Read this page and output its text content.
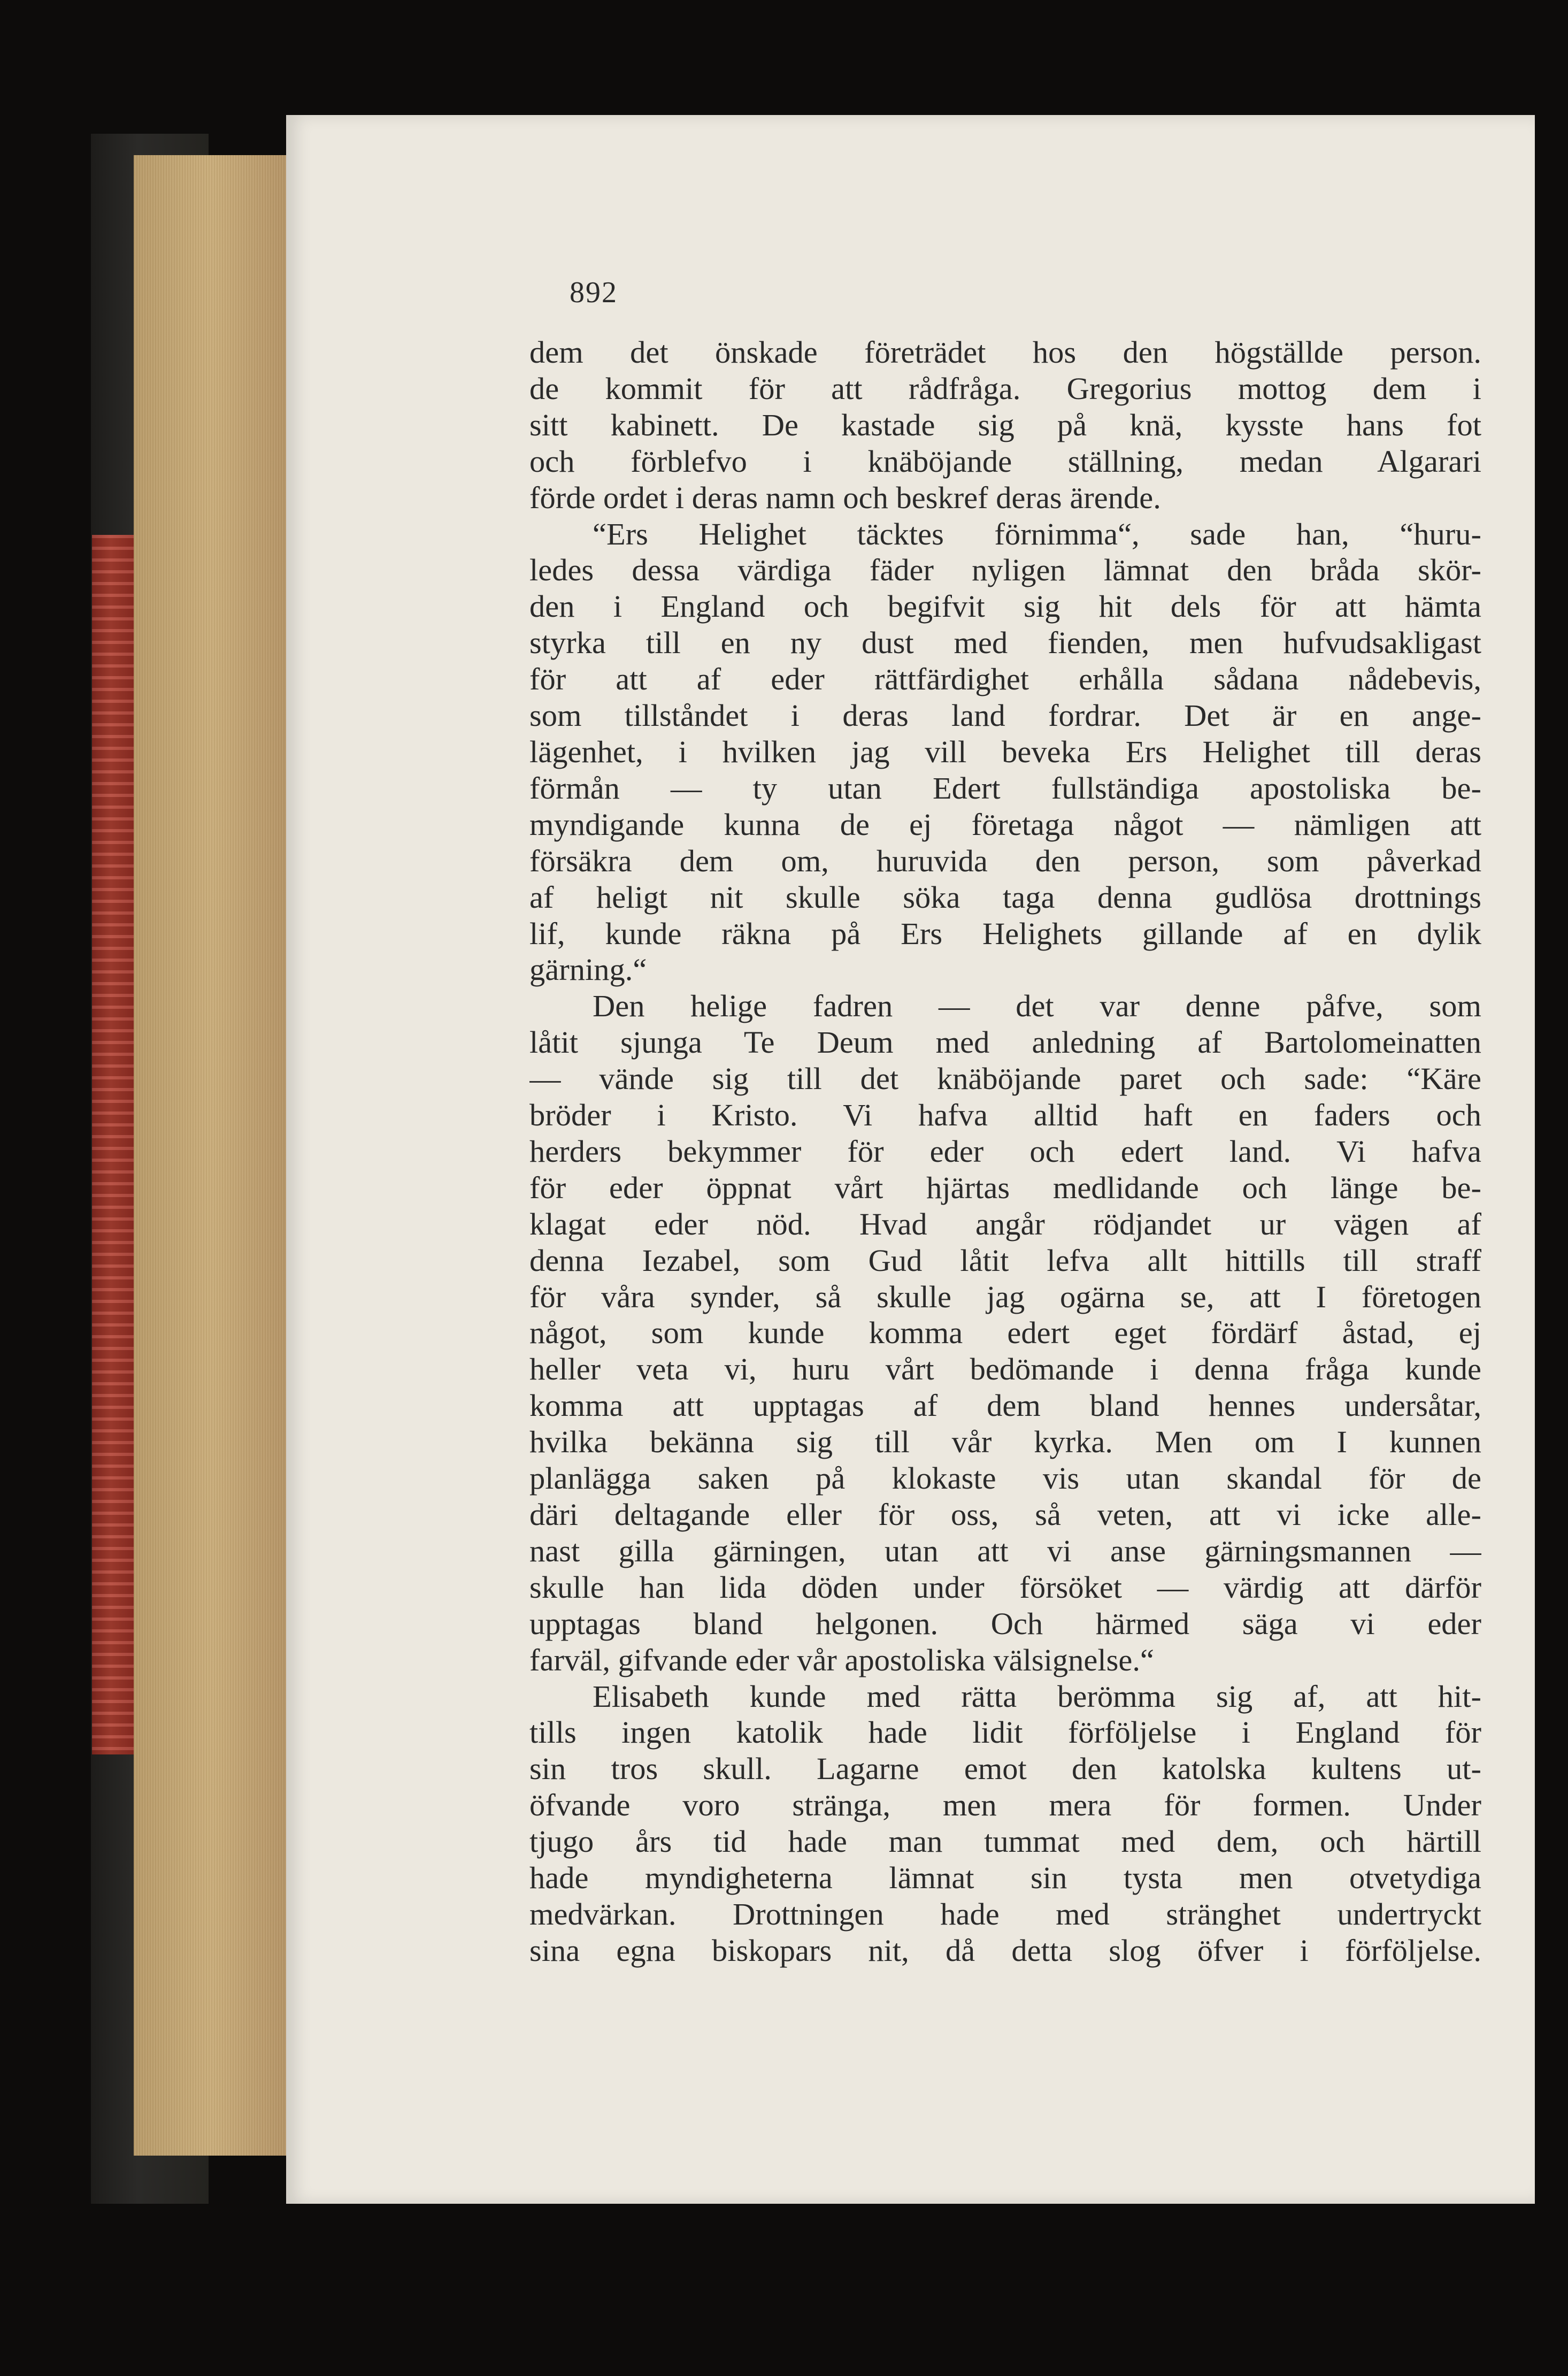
892
dem det önskade företrädet hos den högställde person.
de kommit för att rådfråga. Gregorius mottog dem i
sitt kabinett. De kastade sig på knä, kysste hans fot
och förblefvo i knäböjande ställning, medan Algarari
förde ordet i deras namn och beskref deras ärende.
“Ers Helighet täcktes förnimma“, sade han, “huru-
ledes dessa värdiga fäder nyligen lämnat den bråda skör-
den i England och begifvit sig hit dels för att hämta
styrka till en ny dust med fienden, men hufvudsakligast
för att af eder rättfärdighet erhålla sådana nådebevis,
som tillståndet i deras land fordrar. Det är en ange-
lägenhet, i hvilken jag vill beveka Ers Helighet till deras
förmån — ty utan Edert fullständiga apostoliska be-
myndigande kunna de ej företaga något — nämligen att
försäkra dem om, huruvida den person, som påverkad
af heligt nit skulle söka taga denna gudlösa drottnings
lif, kunde räkna på Ers Helighets gillande af en dylik
gärning.“
Den helige fadren — det var denne påfve, som
låtit sjunga Te Deum med anledning af Bartolomeinatten
— vände sig till det knäböjande paret och sade: “Käre
bröder i Kristo. Vi hafva alltid haft en faders och
herders bekymmer för eder och edert land. Vi hafva
för eder öppnat vårt hjärtas medlidande och länge be-
klagat eder nöd. Hvad angår rödjandet ur vägen af
denna Iezabel, som Gud låtit lefva allt hittills till straff
för våra synder, så skulle jag ogärna se, att I företogen
något, som kunde komma edert eget fördärf åstad, ej
heller veta vi, huru vårt bedömande i denna fråga kunde
komma att upptagas af dem bland hennes undersåtar,
hvilka bekänna sig till vår kyrka. Men om I kunnen
planlägga saken på klokaste vis utan skandal för de
däri deltagande eller för oss, så veten, att vi icke alle-
nast gilla gärningen, utan att vi anse gärningsmannen —
skulle han lida döden under försöket — värdig att därför
upptagas bland helgonen. Och härmed säga vi eder
farväl, gifvande eder vår apostoliska välsignelse.“
Elisabeth kunde med rätta berömma sig af, att hit-
tills ingen katolik hade lidit förföljelse i England för
sin tros skull. Lagarne emot den katolska kultens ut-
öfvande voro stränga, men mera för formen. Under
tjugo års tid hade man tummat med dem, och härtill
hade myndigheterna lämnat sin tysta men otvetydiga
medvärkan. Drottningen hade med stränghet undertryckt
sina egna biskopars nit, då detta slog öfver i förföljelse.
